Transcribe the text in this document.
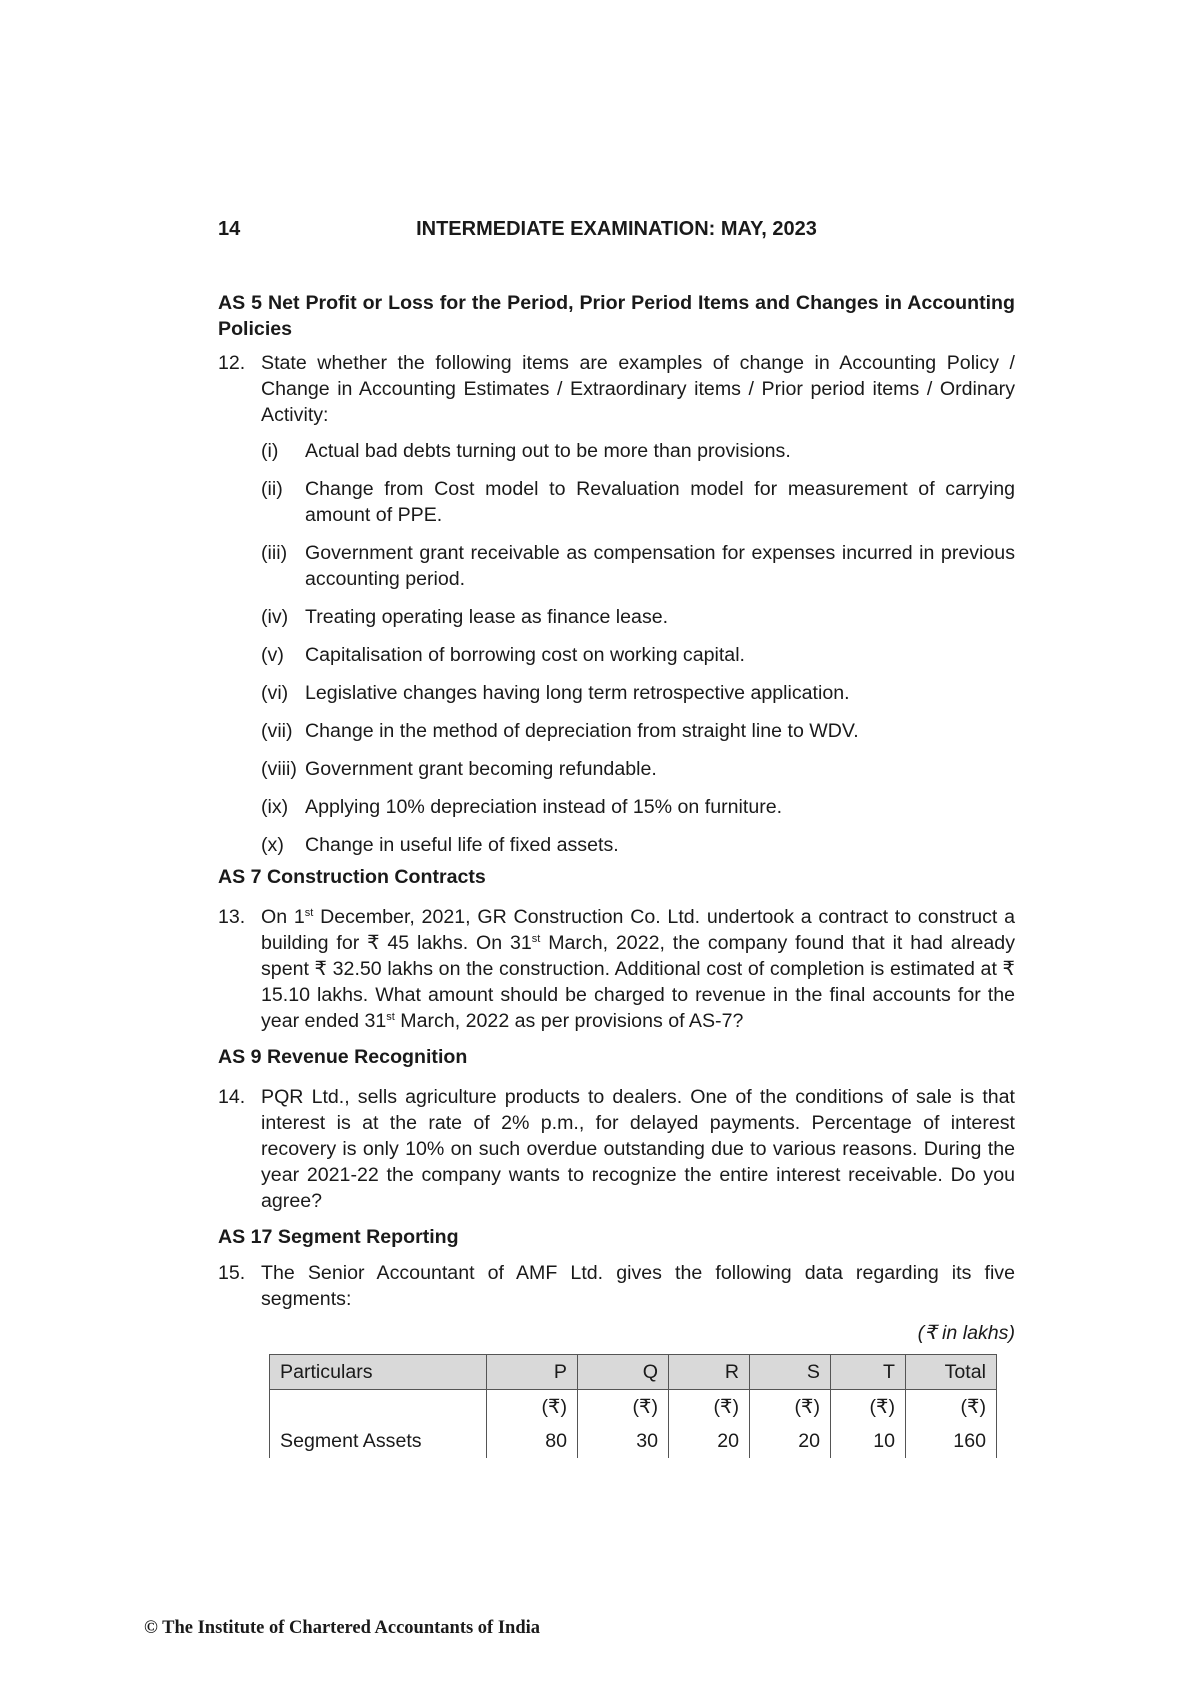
14	INTERMEDIATE EXAMINATION: MAY, 2023

AS 5 Net Profit or Loss for the Period, Prior Period Items and Changes in Accounting Policies

12. State whether the following items are examples of change in Accounting Policy / Change in Accounting Estimates / Extraordinary items / Prior period items / Ordinary Activity:
(i)	Actual bad debts turning out to be more than provisions.
(ii)	Change from Cost model to Revaluation model for measurement of carrying amount of PPE.
(iii) Government grant receivable as compensation for expenses incurred in previous accounting period.
(iv) Treating operating lease as finance lease.
(v)	Capitalisation of borrowing cost on working capital.
(vi) Legislative changes having long term retrospective application.
(vii) Change in the method of depreciation from straight line to WDV.
(viii) Government grant becoming refundable.
(ix) Applying 10% depreciation instead of 15% on furniture.
(x)	Change in useful life of fixed assets.

AS 7 Construction Contracts

13. On 1st December, 2021, GR Construction Co. Ltd. undertook a contract to construct a building for ₹ 45 lakhs. On 31st March, 2022, the company found that it had already spent ₹ 32.50 lakhs on the construction. Additional cost of completion is estimated at ₹ 15.10 lakhs. What amount should be charged to revenue in the final accounts for the year ended 31st March, 2022 as per provisions of AS-7?

AS 9 Revenue Recognition

14. PQR Ltd., sells agriculture products to dealers. One of the conditions of sale is that interest is at the rate of 2% p.m., for delayed payments. Percentage of interest recovery is only 10% on such overdue outstanding due to various reasons. During the year 2021-22 the company wants to recognize the entire interest receivable. Do you agree?

AS 17 Segment Reporting

15. The Senior Accountant of AMF Ltd. gives the following data regarding its five segments:

(₹ in lakhs)

Particulars	P	Q	R	S	T	Total
	(₹)	(₹)	(₹)	(₹)	(₹)	(₹)
Segment Assets	80	30	20	20	10	160
© The Institute of Chartered Accountants of India
